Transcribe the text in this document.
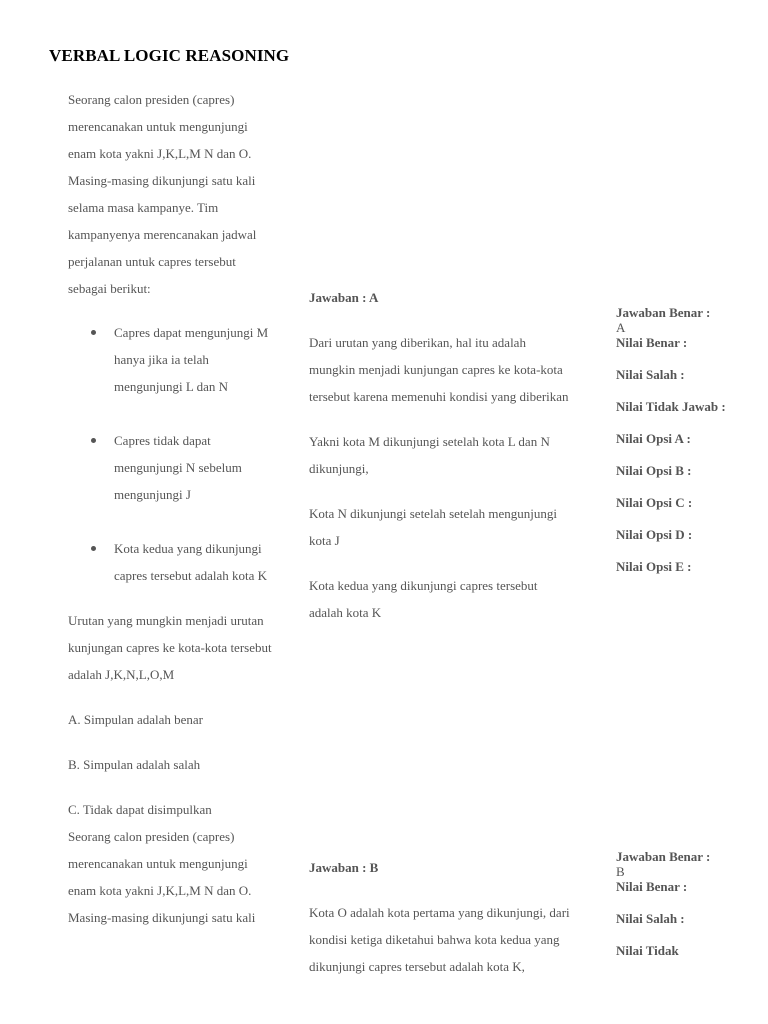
VERBAL LOGIC REASONING

Seorang calon presiden (capres) merencanakan untuk mengunjungi enam kota yakni J,K,L,M N dan O. Masing-masing dikunjungi satu kali selama masa kampanye. Tim kampanyenya merencanakan jadwal perjalanan untuk capres tersebut sebagai berikut:

Capres dapat mengunjungi M hanya jika ia telah mengunjungi L dan N
Capres tidak dapat mengunjungi N sebelum mengunjungi J
Kota kedua yang dikunjungi capres tersebut adalah kota K

Urutan yang mungkin menjadi urutan kunjungan capres ke kota-kota tersebut adalah J,K,N,L,O,M

A. Simpulan adalah benar

B. Simpulan adalah salah

C. Tidak dapat disimpulkan

Seorang calon presiden (capres) merencanakan untuk mengunjungi enam kota yakni J,K,L,M N dan O. Masing-masing dikunjungi satu kali

Jawaban : A

Dari urutan yang diberikan, hal itu adalah mungkin menjadi kunjungan capres ke kota-kota tersebut karena memenuhi kondisi yang diberikan

Yakni kota M dikunjungi setelah kota L dan N dikunjungi,

Kota N dikunjungi setelah setelah mengunjungi kota J

Kota kedua yang dikunjungi capres tersebut adalah kota K

Jawaban Benar :

A

Nilai Benar :

Nilai Salah :

Nilai Tidak Jawab :

Nilai Opsi A :

Nilai Opsi B :

Nilai Opsi C :

Nilai Opsi D :

Nilai Opsi E :

Jawaban : B

Kota O adalah kota pertama yang dikunjungi, dari kondisi ketiga diketahui bahwa kota kedua yang dikunjungi capres tersebut adalah kota K,

Jawaban Benar :

B

Nilai Benar :

Nilai Salah :

Nilai Tidak
